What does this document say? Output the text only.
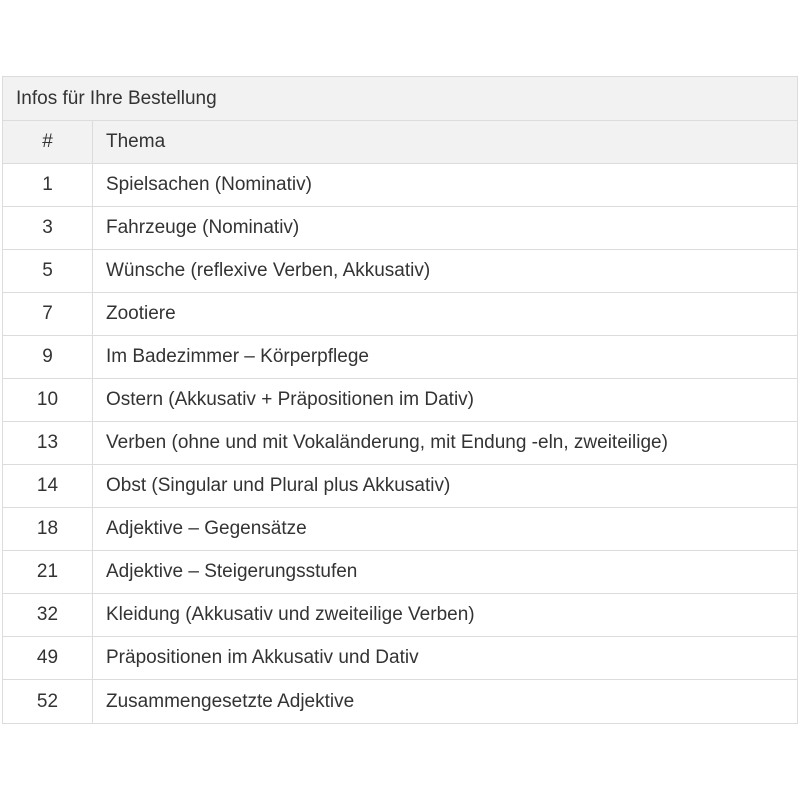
Infos für Ihre Bestellung
#	Thema
1	Spielsachen (Nominativ)
3	Fahrzeuge (Nominativ)
5	Wünsche (reflexive Verben, Akkusativ)
7	Zootiere
9	Im Badezimmer – Körperpflege
10	Ostern (Akkusativ + Präpositionen im Dativ)
13	Verben (ohne und mit Vokaländerung, mit Endung -eln, zweiteilige)
14	Obst (Singular und Plural plus Akkusativ)
18	Adjektive – Gegensätze
21	Adjektive – Steigerungsstufen
32	Kleidung (Akkusativ und zweiteilige Verben)
49	Präpositionen im Akkusativ und Dativ
52	Zusammengesetzte Adjektive
